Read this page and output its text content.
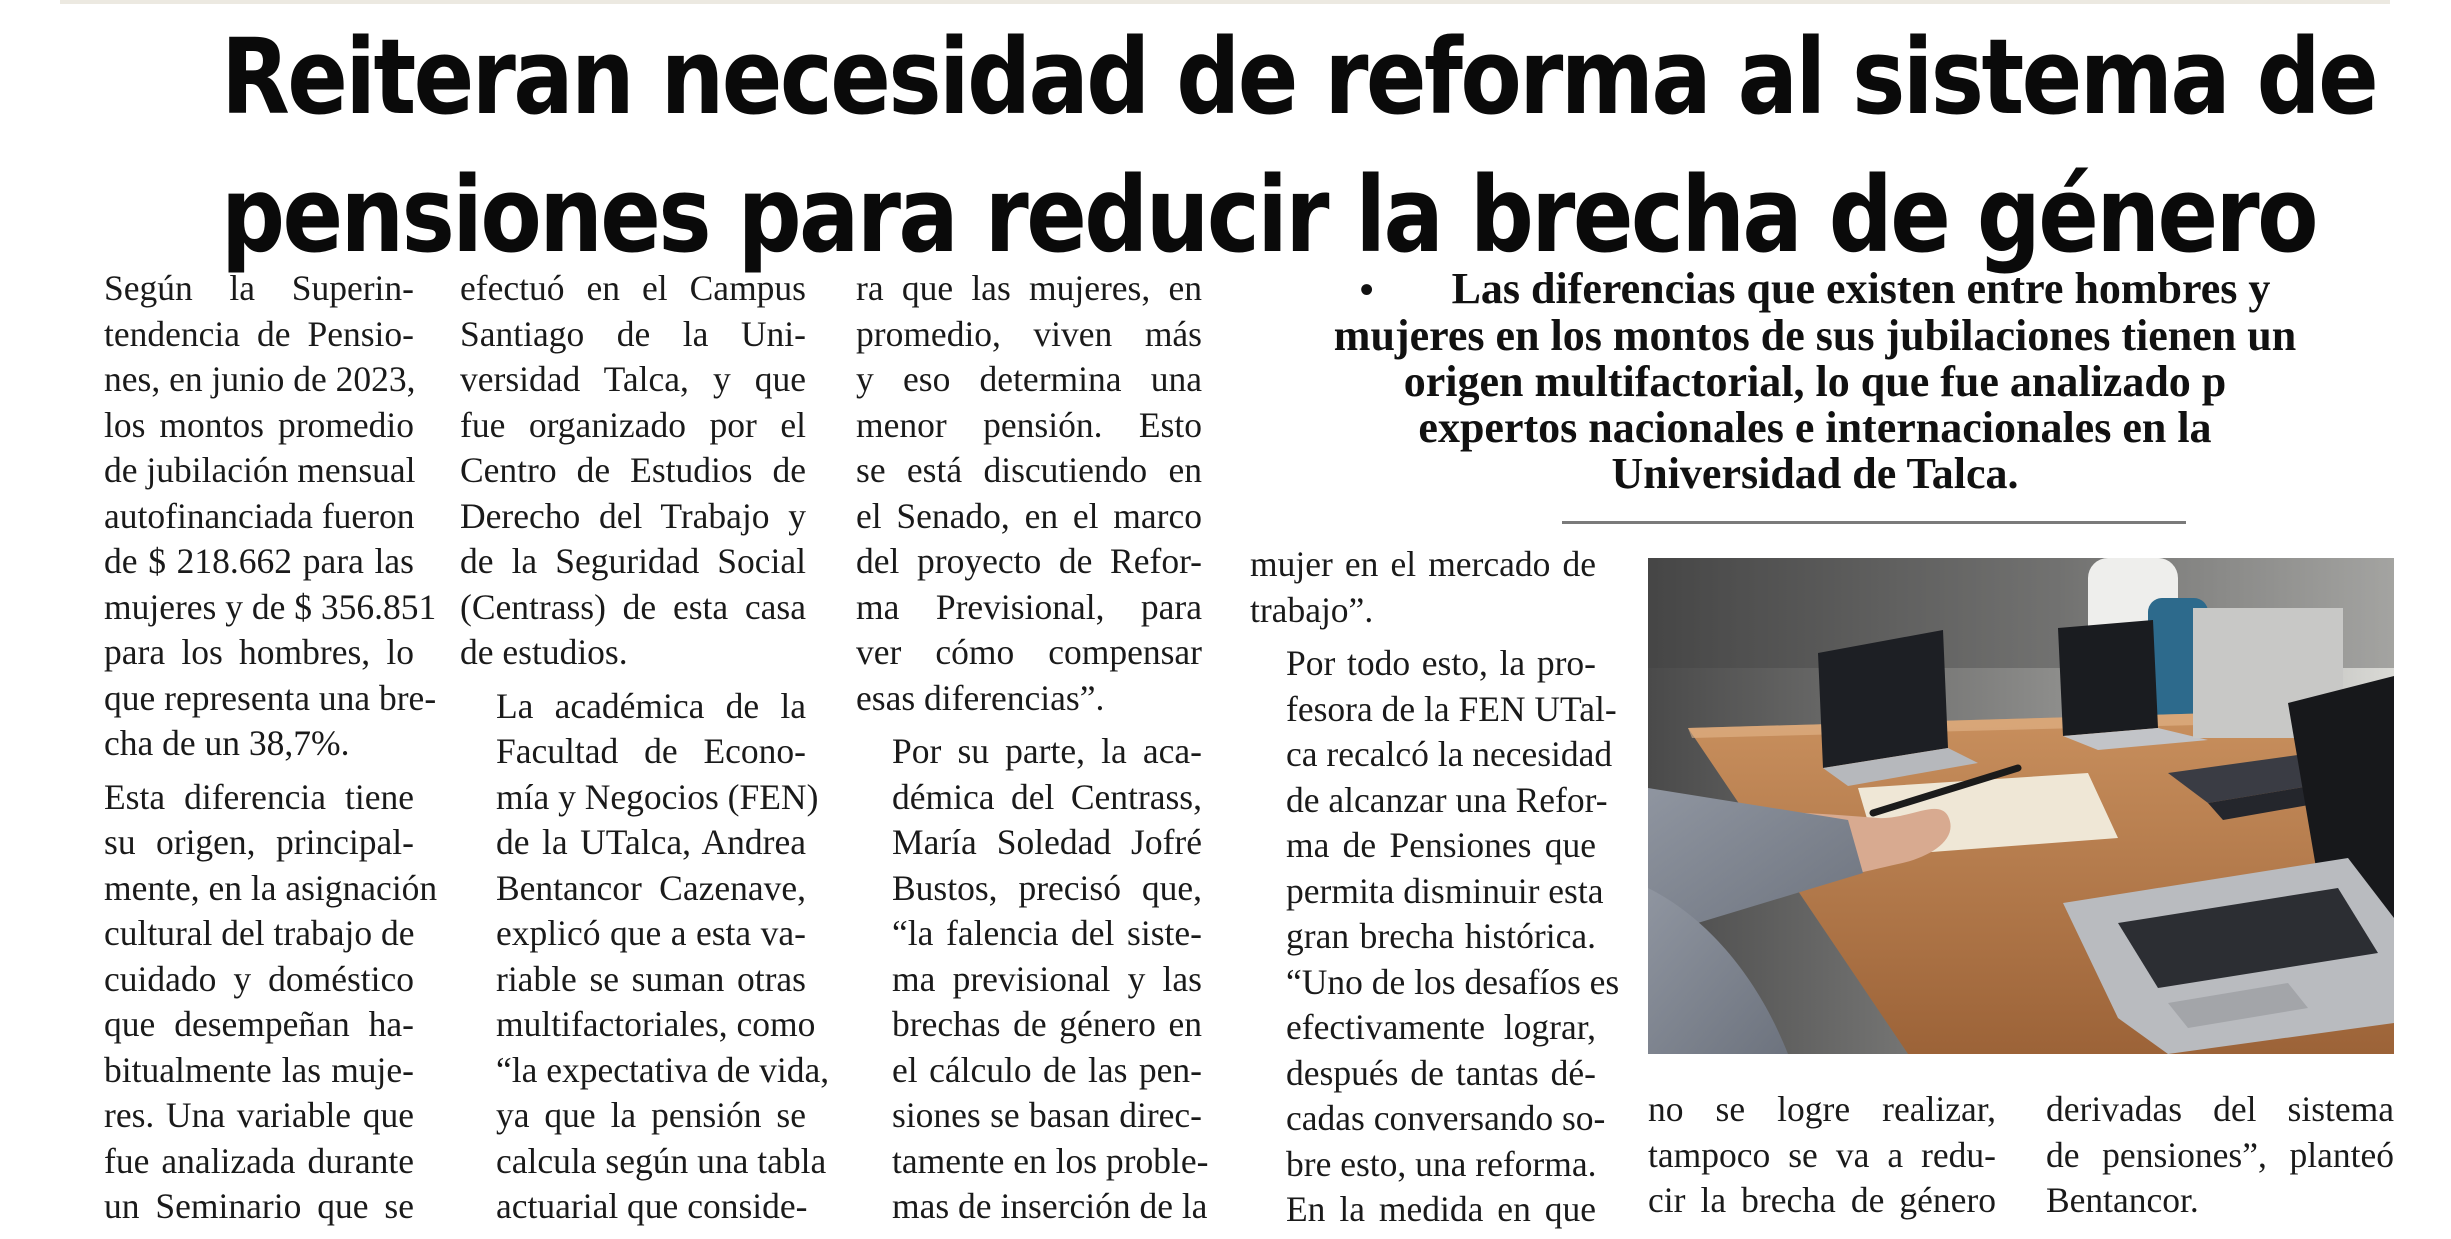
Reiteran necesidad de reforma al sistema de
pensiones para reducir la brecha de género

Según la Superin-
tendencia de Pensio-
nes, en junio de 2023,
los montos promedio
de jubilación mensual
autofinanciada fueron
de $ 218.662 para las
mujeres y de $ 356.851
para los hombres, lo
que representa una bre-
cha de un 38,7%.

Esta diferencia tiene
su origen, principal-
mente, en la asignación
cultural del trabajo de
cuidado y doméstico
que desempeñan ha-
bitualmente las muje-
res. Una variable que
fue analizada durante
un Seminario que se

efectuó en el Campus
Santiago de la Uni-
versidad Talca, y que
fue organizado por el
Centro de Estudios de
Derecho del Trabajo y
de la Seguridad Social
(Centrass) de esta casa
de estudios.

La académica de la
Facultad de Econo-
mía y Negocios (FEN)
de la UTalca, Andrea
Bentancor Cazenave,
explicó que a esta va-
riable se suman otras
multifactoriales, como
“la expectativa de vida,
ya que la pensión se
calcula según una tabla
actuarial que conside-

ra que las mujeres, en
promedio, viven más
y eso determina una
menor pensión. Esto
se está discutiendo en
el Senado, en el marco
del proyecto de Refor-
ma Previsional, para
ver cómo compensar
esas diferencias”.

Por su parte, la aca-
démica del Centrass,
María Soledad Jofré
Bustos, precisó que,
“la falencia del siste-
ma previsional y las
brechas de género en
el cálculo de las pen-
siones se basan direc-
tamente en los proble-
mas de inserción de la

• Las diferencias que existen entre hombres y
mujeres en los montos de sus jubilaciones tienen un
origen multifactorial, lo que fue analizado p
expertos nacionales e internacionales en la
Universidad de Talca.

mujer en el mercado de
trabajo”.

Por todo esto, la pro-
fesora de la FEN UTal-
ca recalcó la necesidad
de alcanzar una Refor-
ma de Pensiones que
permita disminuir esta
gran brecha histórica.
“Uno de los desafíos es
efectivamente lograr,
después de tantas dé-
cadas conversando so-
bre esto, una reforma.
En la medida en que

no se logre realizar,
tampoco se va a redu-
cir la brecha de género

derivadas del sistema
de pensiones”, planteó
Bentancor.
